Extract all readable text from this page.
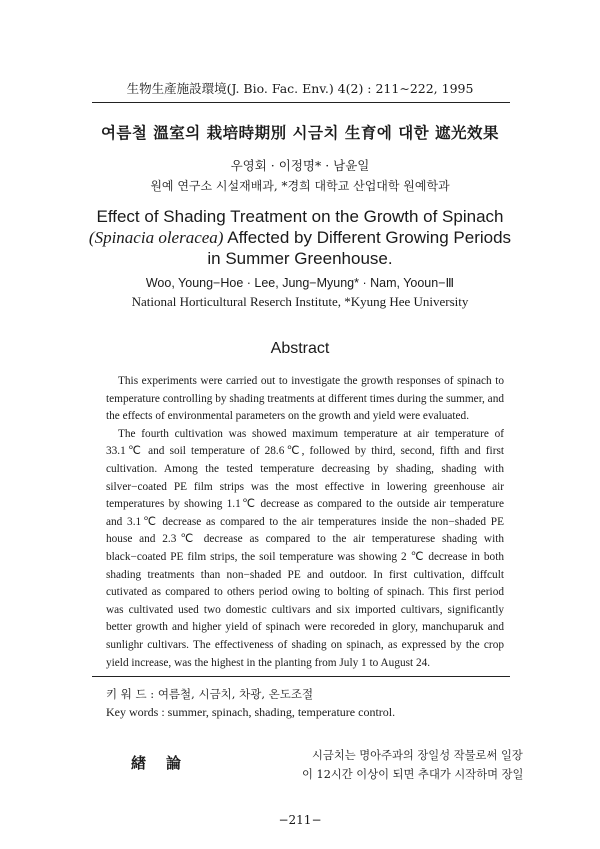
生物生產施設環境(J. Bio. Fac. Env.) 4(2) : 211∼222, 1995
여름철 溫室의 栽培時期別 시금치 生育에 대한 遮光效果
우영회 · 이정명* · 남윤일
원예 연구소 시설재배과, *경희 대학교 산업대학 원예학과
Effect of Shading Treatment on the Growth of Spinach
(Spinacia oleracea) Affected by Different Growing Periods
in Summer Greenhouse.
Woo, Young−Hoe · Lee, Jung−Myung* · Nam, Yooun−Ⅲ
National Horticultural Reserch Institute, *Kyung Hee University
Abstract

This experiments were carried out to investigate the growth responses of spinach to temperature controlling by shading treatments at different times during the summer, and the effects of environmental parameters on the growth and yield were evaluated.

The fourth cultivation was showed maximum temperature at air temperature of 33.1℃ and soil temperature of 28.6℃, followed by third, second, fifth and first cultivation. Among the tested temperature decreasing by shading, shading with silver−coated PE film strips was the most effective in lowering greenhouse air temperatures by showing 1.1℃ decrease as compared to the outside air temperature and 3.1℃ decrease as compared to the air temperatures inside the non−shaded PE house and 2.3℃ decrease as compared to the air temperaturese shading with black−coated PE film strips, the soil temperature was showing 2 ℃ decrease in both shading treatments than non−shaded PE and outdoor. In first cultivation, diffcult cutivated as compared to others period owing to bolting of spinach. This first period was cultivated used two domestic cultivars and six imported cultivars, significantly better growth and higher yield of spinach were recoreded in glory, manchuparuk and sunlighr cultivars. The effectiveness of shading on spinach, as expressed by the crop yield increase, was the highest in the planting from July 1 to August 24.

키 워 드 : 여름철, 시금치, 차광, 온도조절
Key words : summer, spinach, shading, temperature control.
緖論	시금치는 명아주과의 장일성 작물로써 일장

이 12시간 이상이 되면 추대가 시작하며 장일

−211−
